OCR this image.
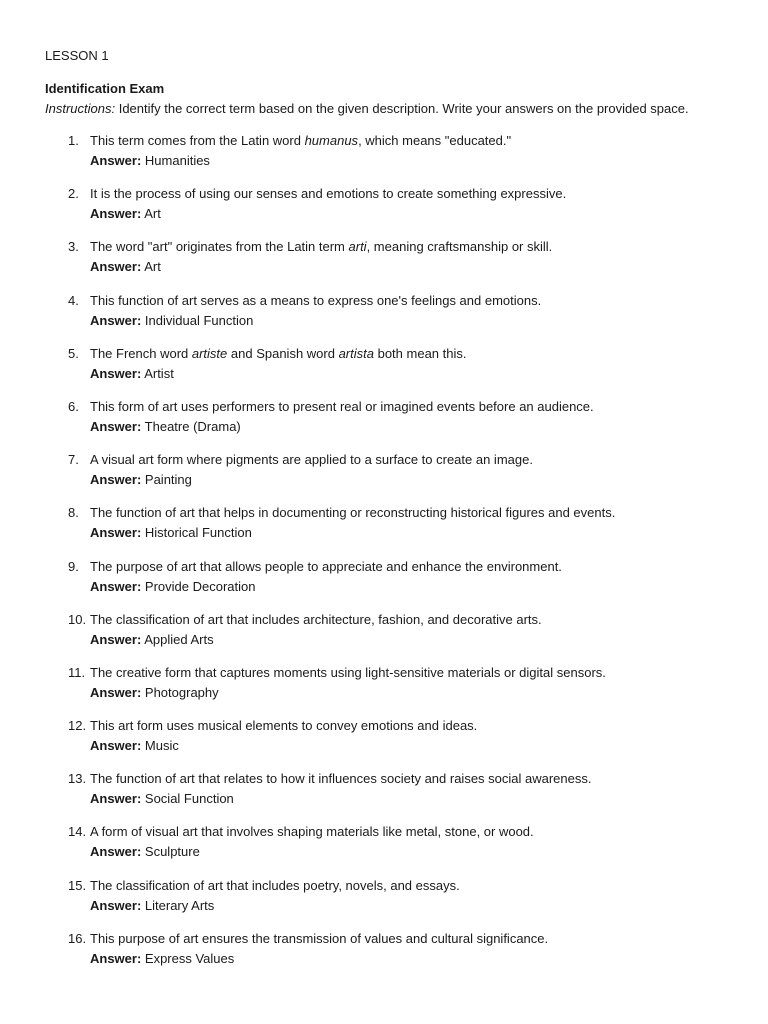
LESSON 1

Identification Exam

Instructions: Identify the correct term based on the given description. Write your answers on the provided space.

1. This term comes from the Latin word humanus, which means "educated."
Answer: Humanities
2. It is the process of using our senses and emotions to create something expressive.
Answer: Art
3. The word "art" originates from the Latin term arti, meaning craftsmanship or skill.
Answer: Art
4. This function of art serves as a means to express one's feelings and emotions.
Answer: Individual Function
5. The French word artiste and Spanish word artista both mean this.
Answer: Artist
6. This form of art uses performers to present real or imagined events before an audience.
Answer: Theatre (Drama)
7. A visual art form where pigments are applied to a surface to create an image.
Answer: Painting
8. The function of art that helps in documenting or reconstructing historical figures and events.
Answer: Historical Function
9. The purpose of art that allows people to appreciate and enhance the environment.
Answer: Provide Decoration
10. The classification of art that includes architecture, fashion, and decorative arts.
Answer: Applied Arts
11. The creative form that captures moments using light-sensitive materials or digital sensors.
Answer: Photography
12. This art form uses musical elements to convey emotions and ideas.
Answer: Music
13. The function of art that relates to how it influences society and raises social awareness.
Answer: Social Function
14. A form of visual art that involves shaping materials like metal, stone, or wood.
Answer: Sculpture
15. The classification of art that includes poetry, novels, and essays.
Answer: Literary Arts
16. This purpose of art ensures the transmission of values and cultural significance.
Answer: Express Values
